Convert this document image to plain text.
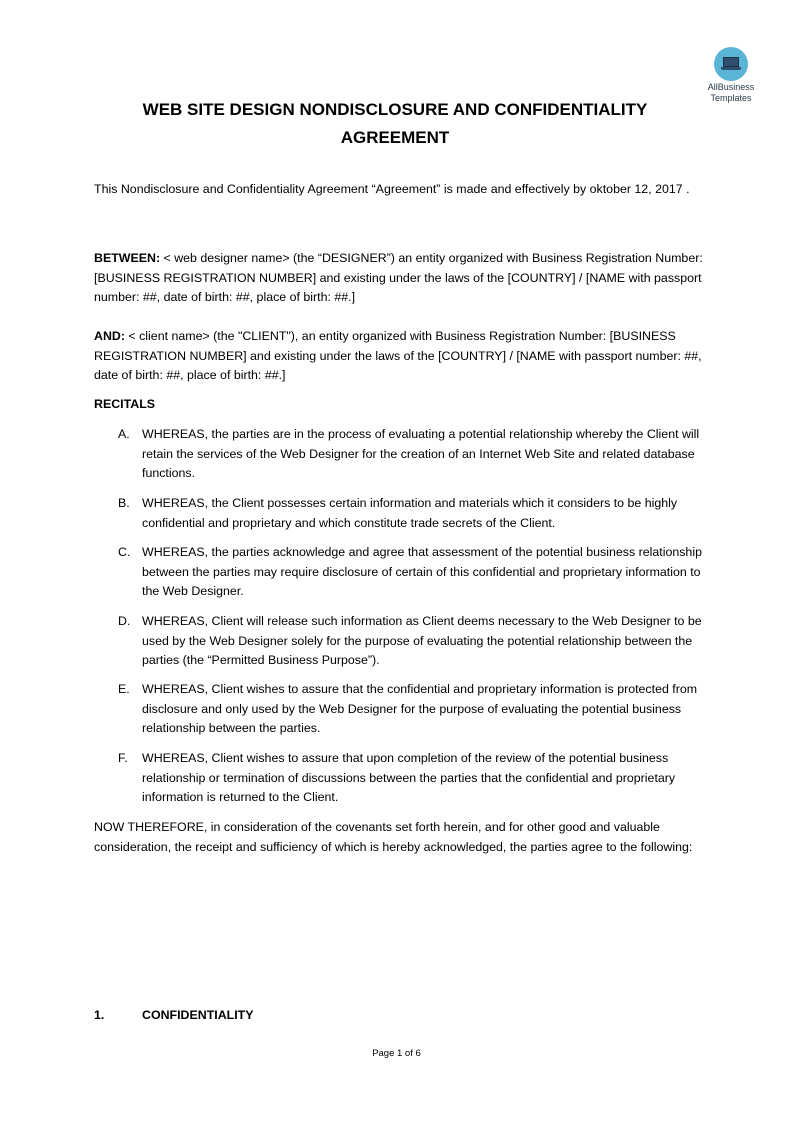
AllBusiness
Templates
WEB SITE DESIGN NONDISCLOSURE AND CONFIDENTIALITY
AGREEMENT
This Nondisclosure and Confidentiality Agreement “Agreement” is made and effectively by oktober 12, 2017 .
BETWEEN: < web designer name> (the “DESIGNER”) an entity organized with Business Registration Number: [BUSINESS REGISTRATION NUMBER] and existing under the laws of the [COUNTRY] / [NAME with passport number: ##, date of birth: ##, place of birth: ##.]
AND: < client name> (the "CLIENT"), an entity organized with Business Registration Number: [BUSINESS REGISTRATION NUMBER] and existing under the laws of the [COUNTRY] / [NAME with passport number: ##, date of birth: ##, place of birth: ##.]
RECITALS
A. WHEREAS, the parties are in the process of evaluating a potential relationship whereby the Client will retain the services of the Web Designer for the creation of an Internet Web Site and related database functions.
B. WHEREAS, the Client possesses certain information and materials which it considers to be highly confidential and proprietary and which constitute trade secrets of the Client.
C. WHEREAS, the parties acknowledge and agree that assessment of the potential business relationship between the parties may require disclosure of certain of this confidential and proprietary information to the Web Designer.
D. WHEREAS, Client will release such information as Client deems necessary to the Web Designer to be used by the Web Designer solely for the purpose of evaluating the potential relationship between the parties (the “Permitted Business Purpose”).
E. WHEREAS, Client wishes to assure that the confidential and proprietary information is protected from disclosure and only used by the Web Designer for the purpose of evaluating the potential business relationship between the parties.
F. WHEREAS, Client wishes to assure that upon completion of the review of the potential business relationship or termination of discussions between the parties that the confidential and proprietary information is returned to the Client.
NOW THEREFORE, in consideration of the covenants set forth herein, and for other good and valuable consideration, the receipt and sufficiency of which is hereby acknowledged, the parties agree to the following:
1.	CONFIDENTIALITY
Page 1 of 6
